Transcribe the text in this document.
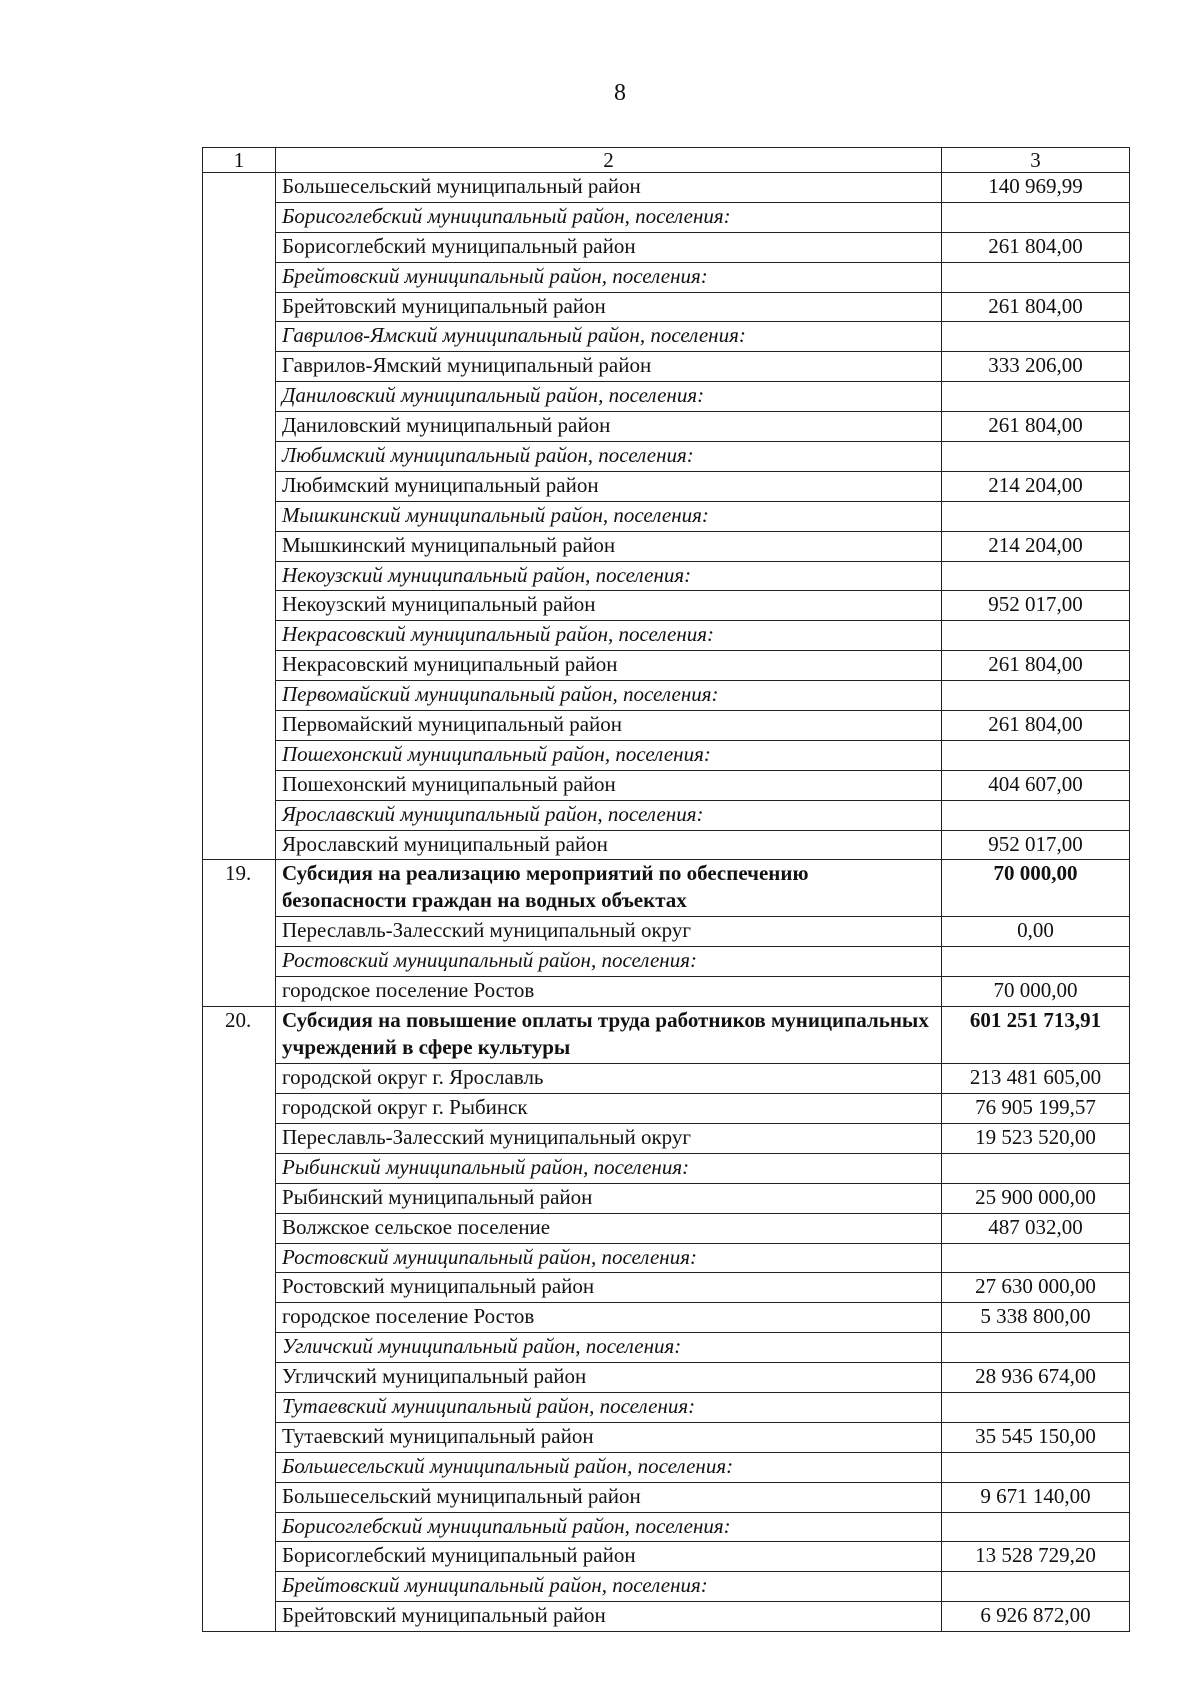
8
1	2	3
	Большесельский муниципальный район	140 969,99
	Борисоглебский муниципальный район, поселения:	
	Борисоглебский муниципальный район	261 804,00
	Брейтовский муниципальный район, поселения:	
	Брейтовский муниципальный район	261 804,00
	Гаврилов-Ямский муниципальный район, поселения:	
	Гаврилов-Ямский муниципальный район	333 206,00
	Даниловский муниципальный район, поселения:	
	Даниловский муниципальный район	261 804,00
	Любимский муниципальный район, поселения:	
	Любимский муниципальный район	214 204,00
	Мышкинский муниципальный район, поселения:	
	Мышкинский муниципальный район	214 204,00
	Некоузский муниципальный район, поселения:	
	Некоузский муниципальный район	952 017,00
	Некрасовский муниципальный район, поселения:	
	Некрасовский муниципальный район	261 804,00
	Первомайский муниципальный район, поселения:	
	Первомайский муниципальный район	261 804,00
	Пошехонский муниципальный район, поселения:	
	Пошехонский муниципальный район	404 607,00
	Ярославский муниципальный район, поселения:	
	Ярославский муниципальный район	952 017,00
19.	Субсидия на реализацию мероприятий по обеспечению безопасности граждан на водных объектах	70 000,00
	Переславль-Залесский муниципальный округ	0,00
	Ростовский муниципальный район, поселения:	
	городское поселение Ростов	70 000,00
20.	Субсидия на повышение оплаты труда работников муниципальных учреждений в сфере культуры	601 251 713,91
	городской округ г. Ярославль	213 481 605,00
	городской округ г. Рыбинск	76 905 199,57
	Переславль-Залесский муниципальный округ	19 523 520,00
	Рыбинский муниципальный район, поселения:	
	Рыбинский муниципальный район	25 900 000,00
	Волжское сельское поселение	487 032,00
	Ростовский муниципальный район, поселения:	
	Ростовский муниципальный район	27 630 000,00
	городское поселение Ростов	5 338 800,00
	Угличский муниципальный район, поселения:	
	Угличский муниципальный район	28 936 674,00
	Тутаевский муниципальный район, поселения:	
	Тутаевский муниципальный район	35 545 150,00
	Большесельский муниципальный район, поселения:	
	Большесельский муниципальный район	9 671 140,00
	Борисоглебский муниципальный район, поселения:	
	Борисоглебский муниципальный район	13 528 729,20
	Брейтовский муниципальный район, поселения:	
	Брейтовский муниципальный район	6 926 872,00
